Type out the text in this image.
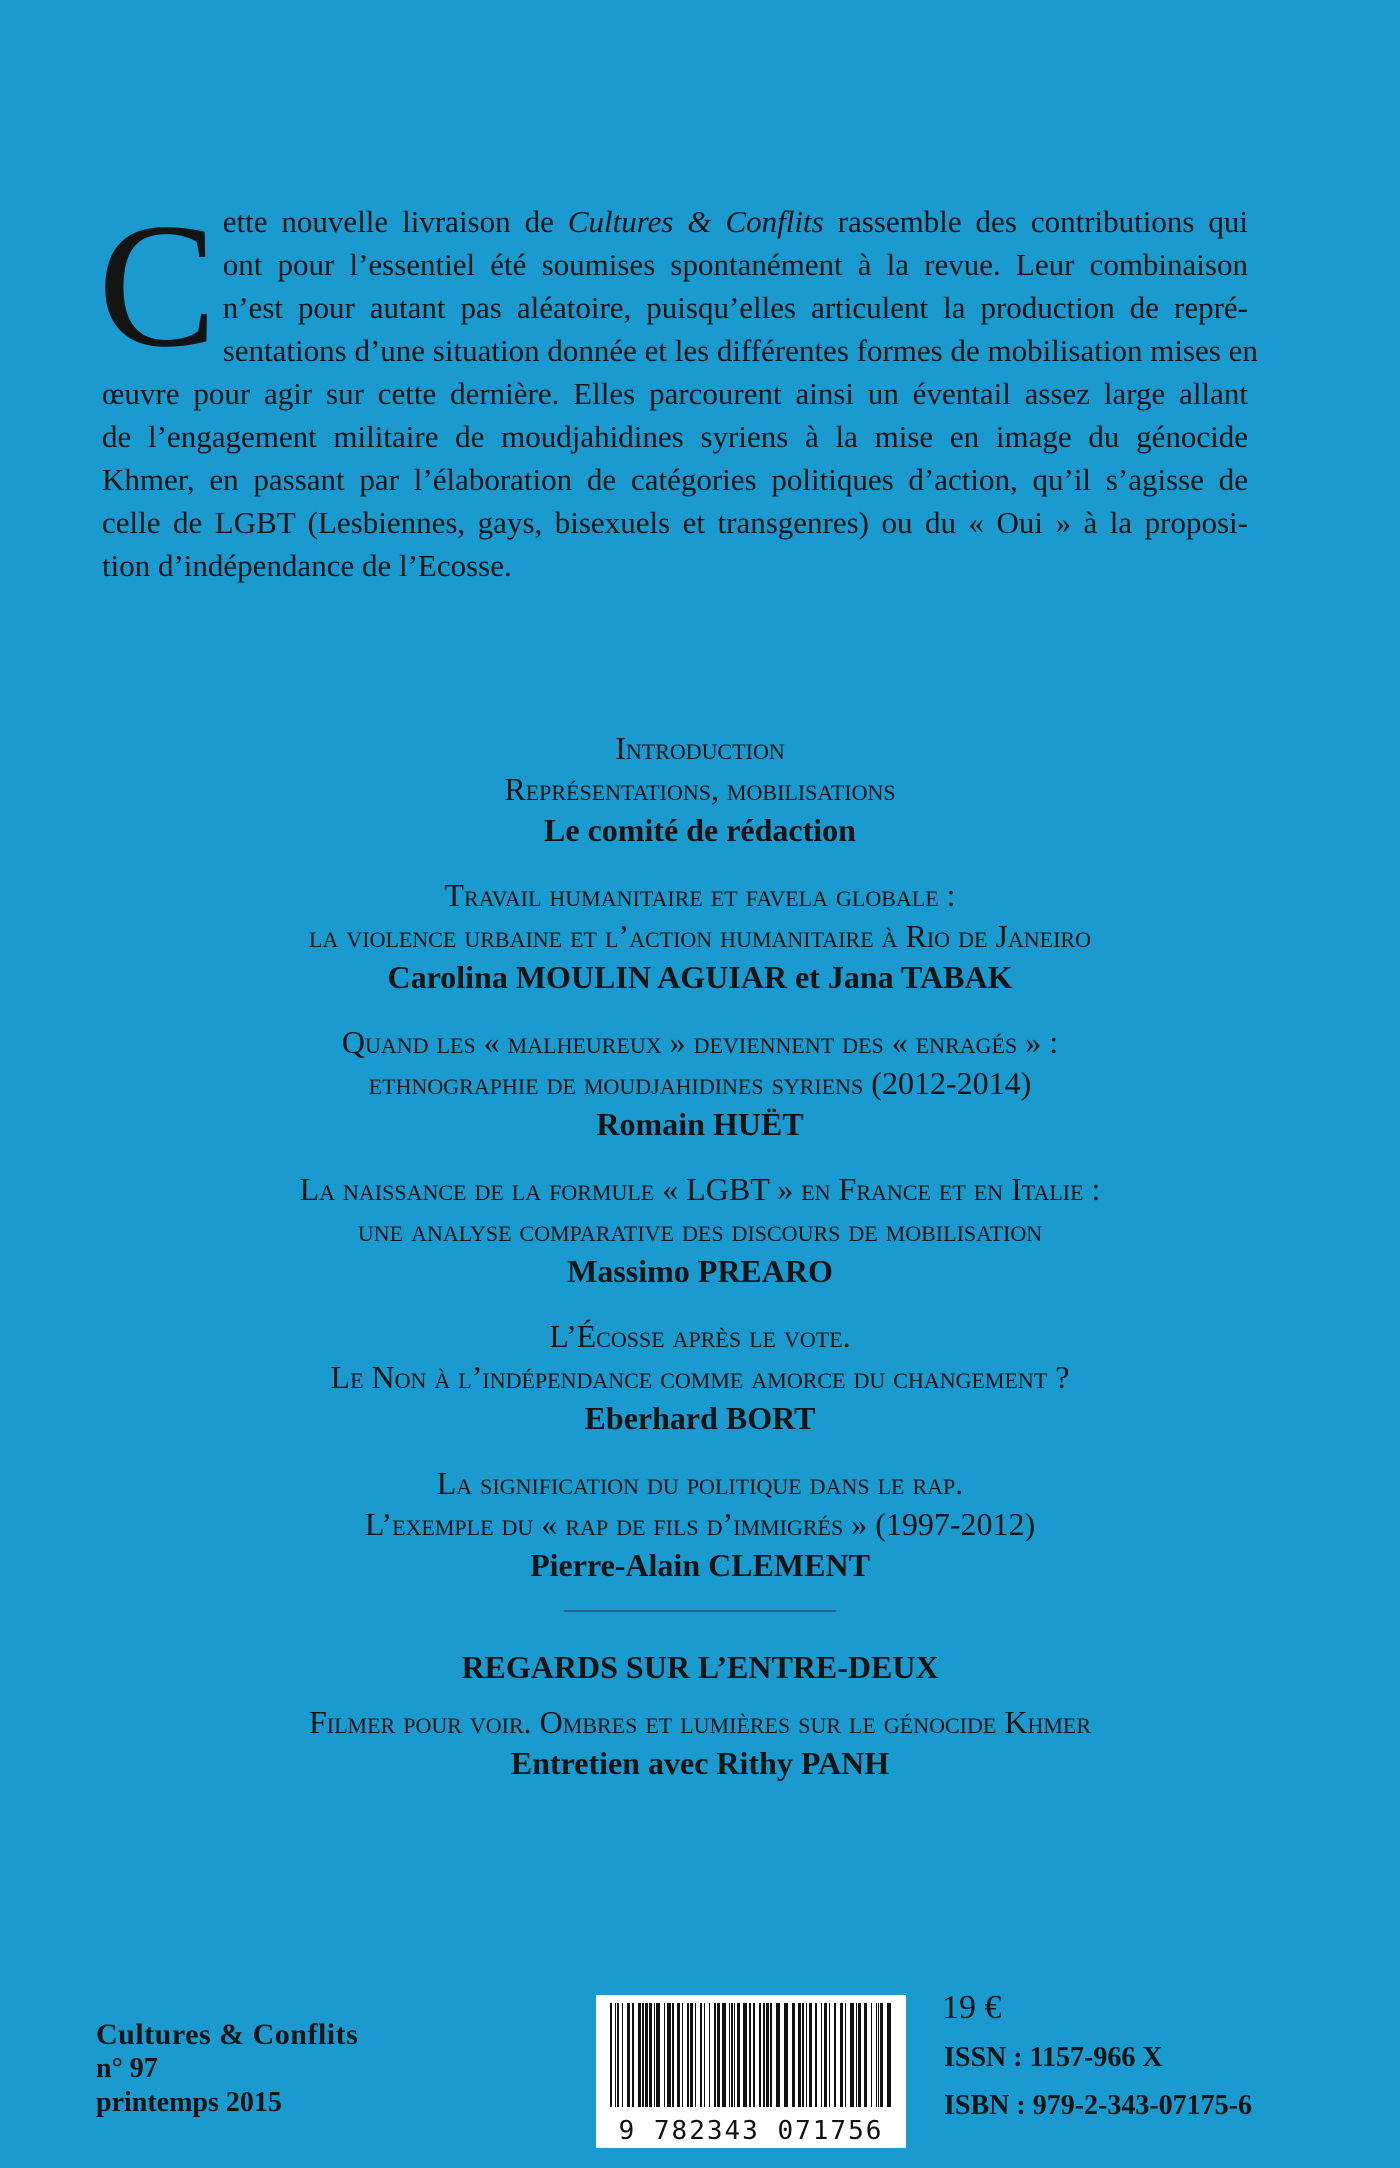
C ette nouvelle livraison de Cultures & Conflits rassemble des contributions qui
ont pour l’essentiel été soumises spontanément à la revue. Leur combinaison
n’est pour autant pas aléatoire, puisqu’elles articulent la production de repré-
sentations d’une situation donnée et les différentes formes de mobilisation mises en
œuvre pour agir sur cette dernière. Elles parcourent ainsi un éventail assez large allant
de l’engagement militaire de moudjahidines syriens à la mise en image du génocide
Khmer, en passant par l’élaboration de catégories politiques d’action, qu’il s’agisse de
celle de LGBT (Lesbiennes, gays, bisexuels et transgenres) ou du « Oui » à la proposi-
tion d’indépendance de l’Ecosse.

Introduction
Représentations, mobilisations
Le comité de rédaction
Travail humanitaire et favela globale :
la violence urbaine et l’action humanitaire à Rio de Janeiro
Carolina MOULIN AGUIAR et Jana TABAK
Quand les « malheureux » deviennent des « enragés » :
ethnographie de moudjahidines syriens (2012-2014)
Romain HUËT
La naissance de la formule « LGBT » en France et en Italie :
une analyse comparative des discours de mobilisation
Massimo PREARO
L’Écosse après le vote.
Le Non à l’indépendance comme amorce du changement ?
Eberhard BORT
La signification du politique dans le rap.
L’exemple du « rap de fils d’immigrés » (1997-2012)
Pierre-Alain CLEMENT
REGARDS SUR L’ENTRE-DEUX
Filmer pour voir. Ombres et lumières sur le génocide Khmer
Entretien avec Rithy PANH
Cultures & Conflits
n° 97
printemps 2015
9 782343 071756
19 €
ISSN : 1157-966 X
ISBN : 979-2-343-07175-6
